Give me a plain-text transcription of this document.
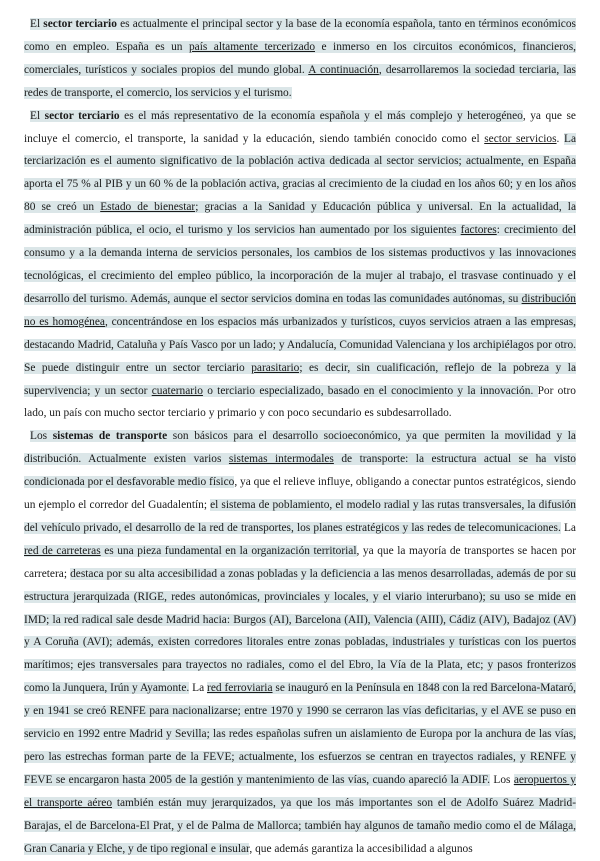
El sector terciario es actualmente el principal sector y la base de la economía española, tanto en términos económicos como en empleo. España es un país altamente tercerizado e inmerso en los circuitos económicos, financieros, comerciales, turísticos y sociales propios del mundo global. A continuación, desarrollaremos la sociedad terciaria, las redes de transporte, el comercio, los servicios y el turismo.

El sector terciario es el más representativo de la economía española y el más complejo y heterogéneo, ya que se incluye el comercio, el transporte, la sanidad y la educación, siendo también conocido como el sector servicios. La terciarización es el aumento significativo de la población activa dedicada al sector servicios; actualmente, en España aporta el 75 % al PIB y un 60 % de la población activa, gracias al crecimiento de la ciudad en los años 60; y en los años 80 se creó un Estado de bienestar; gracias a la Sanidad y Educación pública y universal. En la actualidad, la administración pública, el ocio, el turismo y los servicios han aumentado por los siguientes factores: crecimiento del consumo y a la demanda interna de servicios personales, los cambios de los sistemas productivos y las innovaciones tecnológicas, el crecimiento del empleo público, la incorporación de la mujer al trabajo, el trasvase continuado y el desarrollo del turismo. Además, aunque el sector servicios domina en todas las comunidades autónomas, su distribución no es homogénea, concentrándose en los espacios más urbanizados y turísticos, cuyos servicios atraen a las empresas, destacando Madrid, Cataluña y País Vasco por un lado; y Andalucía, Comunidad Valenciana y los archipiélagos por otro. Se puede distinguir entre un sector terciario parasitario; es decir, sin cualificación, reflejo de la pobreza y la supervivencia; y un sector cuaternario o terciario especializado, basado en el conocimiento y la innovación. Por otro lado, un país con mucho sector terciario y primario y con poco secundario es subdesarrollado.

Los sistemas de transporte son básicos para el desarrollo socioeconómico, ya que permiten la movilidad y la distribución. Actualmente existen varios sistemas intermodales de transporte: la estructura actual se ha visto condicionada por el desfavorable medio físico, ya que el relieve influye, obligando a conectar puntos estratégicos, siendo un ejemplo el corredor del Guadalentín; el sistema de poblamiento, el modelo radial y las rutas transversales, la difusión del vehículo privado, el desarrollo de la red de transportes, los planes estratégicos y las redes de telecomunicaciones. La red de carreteras es una pieza fundamental en la organización territorial, ya que la mayoría de transportes se hacen por carretera; destaca por su alta accesibilidad a zonas pobladas y la deficiencia a las menos desarrolladas, además de por su estructura jerarquizada (RIGE, redes autonómicas, provinciales y locales, y el viario interurbano); su uso se mide en IMD; la red radical sale desde Madrid hacia: Burgos (AI), Barcelona (AII), Valencia (AIII), Cádiz (AIV), Badajoz (AV) y A Coruña (AVI); además, existen corredores litorales entre zonas pobladas, industriales y turísticas con los puertos marítimos; ejes transversales para trayectos no radiales, como el del Ebro, la Vía de la Plata, etc; y pasos fronterizos como la Junquera, Irún y Ayamonte. La red ferroviaria se inauguró en la Península en 1848 con la red Barcelona-Mataró, y en 1941 se creó RENFE para nacionalizarse; entre 1970 y 1990 se cerraron las vías deficitarias, y el AVE se puso en servicio en 1992 entre Madrid y Sevilla; las redes españolas sufren un aislamiento de Europa por la anchura de las vías, pero las estrechas forman parte de la FEVE; actualmente, los esfuerzos se centran en trayectos radiales, y RENFE y FEVE se encargaron hasta 2005 de la gestión y mantenimiento de las vías, cuando apareció la ADIF. Los aeropuertos y el transporte aéreo también están muy jerarquizados, ya que los más importantes son el de Adolfo Suárez Madrid-Barajas, el de Barcelona-El Prat, y el de Palma de Mallorca; también hay algunos de tamaño medio como el de Málaga, Gran Canaria y Elche, y de tipo regional e insular, que además garantiza la accesibilidad a algunos
